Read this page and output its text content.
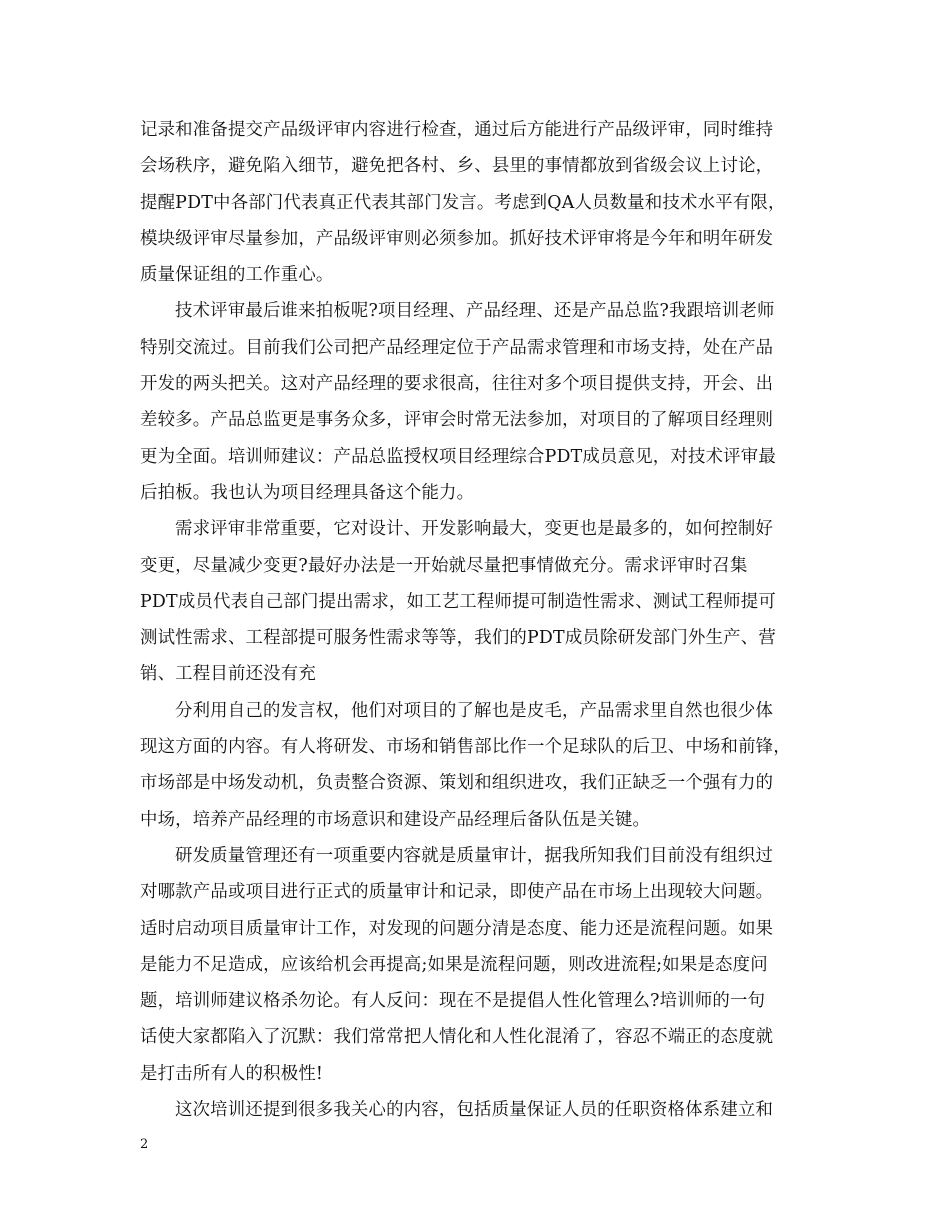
记录和准备提交产品级评审内容进行检查，通过后方能进行产品级评审，同时维持
会场秩序，避免陷入细节，避免把各村、乡、县里的事情都放到省级会议上讨论，
提醒PDT中各部门代表真正代表其部门发言。考虑到QA人员数量和技术水平有限，
模块级评审尽量参加，产品级评审则必须参加。抓好技术评审将是今年和明年研发
质量保证组的工作重心。
技术评审最后谁来拍板呢?项目经理、产品经理、还是产品总监?我跟培训老师
特别交流过。目前我们公司把产品经理定位于产品需求管理和市场支持，处在产品
开发的两头把关。这对产品经理的要求很高，往往对多个项目提供支持，开会、出
差较多。产品总监更是事务众多，评审会时常无法参加，对项目的了解项目经理则
更为全面。培训师建议：产品总监授权项目经理综合PDT成员意见，对技术评审最
后拍板。我也认为项目经理具备这个能力。
需求评审非常重要，它对设计、开发影响最大，变更也是最多的，如何控制好
变更，尽量减少变更?最好办法是一开始就尽量把事情做充分。需求评审时召集
PDT成员代表自己部门提出需求，如工艺工程师提可制造性需求、测试工程师提可
测试性需求、工程部提可服务性需求等等，我们的PDT成员除研发部门外生产、营
销、工程目前还没有充
分利用自己的发言权，他们对项目的了解也是皮毛，产品需求里自然也很少体
现这方面的内容。有人将研发、市场和销售部比作一个足球队的后卫、中场和前锋，
市场部是中场发动机，负责整合资源、策划和组织进攻，我们正缺乏一个强有力的
中场，培养产品经理的市场意识和建设产品经理后备队伍是关键。
研发质量管理还有一项重要内容就是质量审计，据我所知我们目前没有组织过
对哪款产品或项目进行正式的质量审计和记录，即使产品在市场上出现较大问题。
适时启动项目质量审计工作，对发现的问题分清是态度、能力还是流程问题。如果
是能力不足造成，应该给机会再提高;如果是流程问题，则改进流程;如果是态度问
题，培训师建议格杀勿论。有人反问：现在不是提倡人性化管理么?培训师的一句
话使大家都陷入了沉默：我们常常把人情化和人性化混淆了，容忍不端正的态度就
是打击所有人的积极性!
这次培训还提到很多我关心的内容，包括质量保证人员的任职资格体系建立和
2
